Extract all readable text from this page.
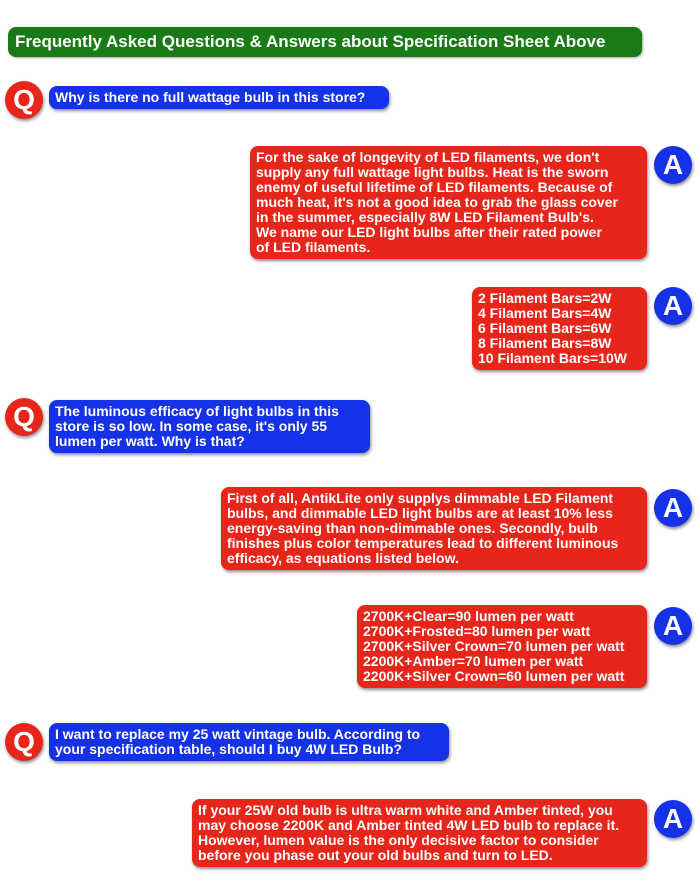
Frequently Asked Questions & Answers about Specification Sheet Above
Q	Why is there no full wattage bulb in this store?
For the sake of longevity of LED filaments, we don't
supply any full wattage light bulbs. Heat is the sworn
enemy of useful lifetime of LED filaments. Because of
much heat, it's not a good idea to grab the glass cover
in the summer, especially 8W LED Filament Bulb's.
We name our LED light bulbs after their rated power
of LED filaments.
A
2 Filament Bars=2W
4 Filament Bars=4W
6 Filament Bars=6W
8 Filament Bars=8W
10 Filament Bars=10W
A
Q	The luminous efficacy of light bulbs in this
store is so low. In some case, it's only 55
lumen per watt. Why is that?
First of all, AntikLite only supplys dimmable LED Filament
bulbs, and dimmable LED light bulbs are at least 10% less
energy-saving than non-dimmable ones. Secondly, bulb
finishes plus color temperatures lead to different luminous
efficacy, as equations listed below.
A
2700K+Clear=90 lumen per watt
2700K+Frosted=80 lumen per watt
2700K+Silver Crown=70 lumen per watt
2200K+Amber=70 lumen per watt
2200K+Silver Crown=60 lumen per watt
A
Q	I want to replace my 25 watt vintage bulb. According to
your specification table, should I buy 4W LED Bulb?
If your 25W old bulb is ultra warm white and Amber tinted, you
may choose 2200K and Amber tinted 4W LED bulb to replace it.
However, lumen value is the only decisive factor to consider
before you phase out your old bulbs and turn to LED.
A
